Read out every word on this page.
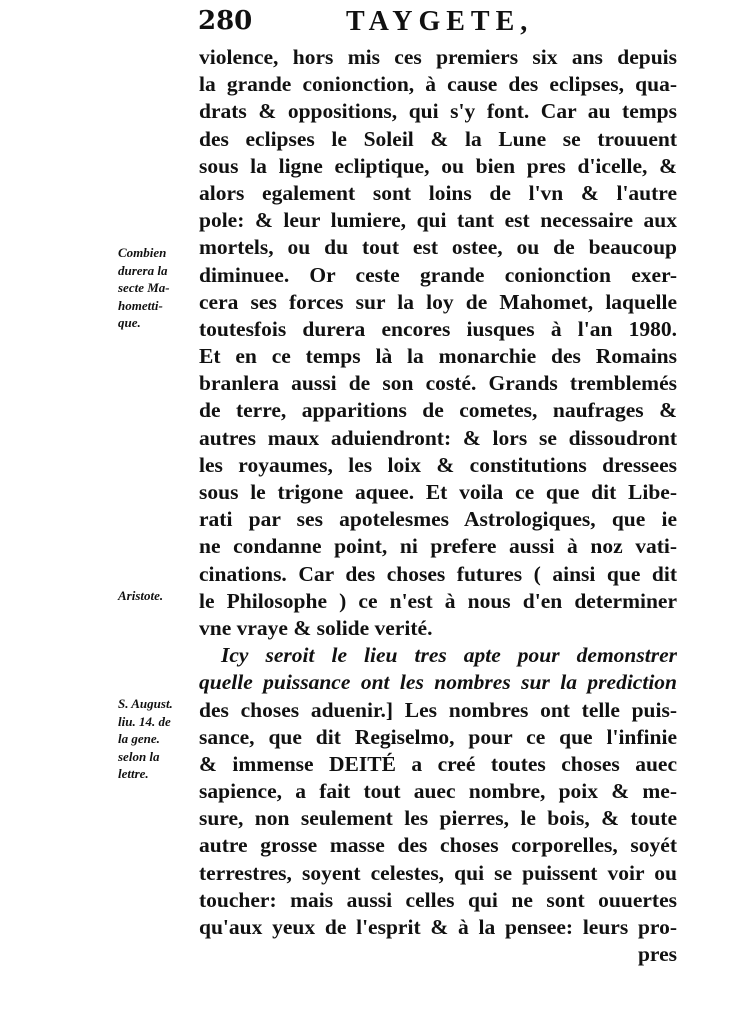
280	TAYGETE,
violence, hors mis ces premiers six ans depuis
la grande conionction, à cause des eclipses, qua-
drats & oppositions, qui s'y font. Car au temps
des eclipses le Soleil & la Lune se trouuent
sous la ligne ecliptique, ou bien pres d'icelle, &
alors egalement sont loins de l'vn & l'autre
pole: & leur lumiere, qui tant est necessaire aux
mortels, ou du tout est ostee, ou de beaucoup
diminuee. Or ceste grande conionction exer-
cera ses forces sur la loy de Mahomet, laquelle
toutesfois durera encores iusques à l'an 1980.
Et en ce temps là la monarchie des Romains
branlera aussi de son costé. Grands tremblemés
de terre, apparitions de cometes, naufrages &
autres maux aduiendront: & lors se dissoudront
les royaumes, les loix & constitutions dressees
sous le trigone aquee. Et voila ce que dit Libe-
rati par ses apotelesmes Astrologiques, que ie
ne condanne point, ni prefere aussi à noz vati-
cinations. Car des choses futures ( ainsi que dit
le Philosophe ) ce n'est à nous d'en determiner
vne vraye & solide verité.
Icy seroit le lieu tres apte pour demonstrer
quelle puissance ont les nombres sur la prediction
des choses aduenir.] Les nombres ont telle puis-
sance, que dit Regiselmo, pour ce que l'infinie
& immense DEITÉ a creé toutes choses auec
sapience, a fait tout auec nombre, poix & me-
sure, non seulement les pierres, le bois, & toute
autre grosse masse des choses corporelles, soyét
terrestres, soyent celestes, qui se puissent voir ou
toucher: mais aussi celles qui ne sont ouuertes
qu'aux yeux de l'esprit & à la pensee: leurs pro-
pres
Combien
durera la
secte Ma-
hometti-
que.
Aristote.
S. August.
liu. 14. de
la gene.
selon la
lettre.
